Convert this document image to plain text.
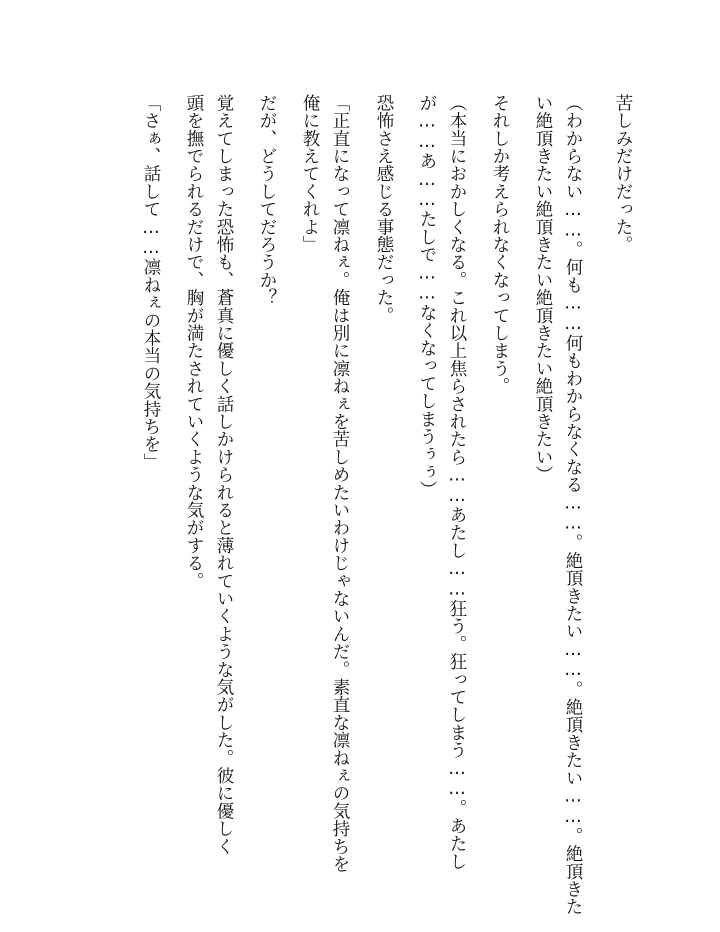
苦しみだけだった。

（わからない……。何も……何もわからなくなる……。絶頂きたい……。絶頂きたい……。絶頂きた

い絶頂きたい絶頂きたい絶頂きたい絶頂きたい）

それしか考えられなくなってしまう。

（本当におかしくなる。これ以上焦らされたら……あたし……狂う。狂ってしまう……。あたし

が……あ……たしで……なくなってしまうぅぅ）

恐怖さえ感じる事態だった。

「正直になって凛ねぇ。俺は別に凛ねぇを苦しめたいわけじゃないんだ。素直な凛ねぇの気持ちを

俺に教えてくれよ」

だが、どうしてだろうか？

覚えてしまった恐怖も、蒼真に優しく話しかけられると薄れていくような気がした。彼に優しく

頭を撫でられるだけで、胸が満たされていくような気がする。

「さぁ、話して……凛ねぇの本当の気持ちを」
